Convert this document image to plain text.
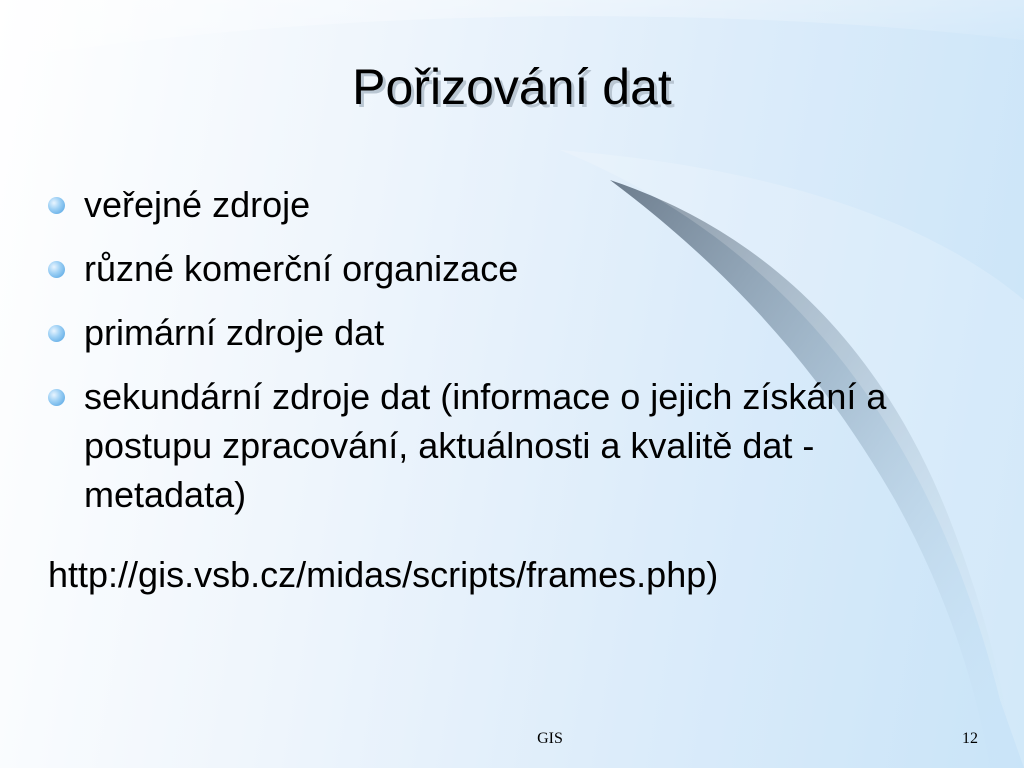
Pořizování dat
veřejné zdroje
různé komerční organizace
primární zdroje dat
sekundární zdroje dat (informace o jejich získání a postupu zpracování, aktuálnosti a kvalitě dat - metadata)

http://gis.vsb.cz/midas/scripts/frames.php)

GIS	12
